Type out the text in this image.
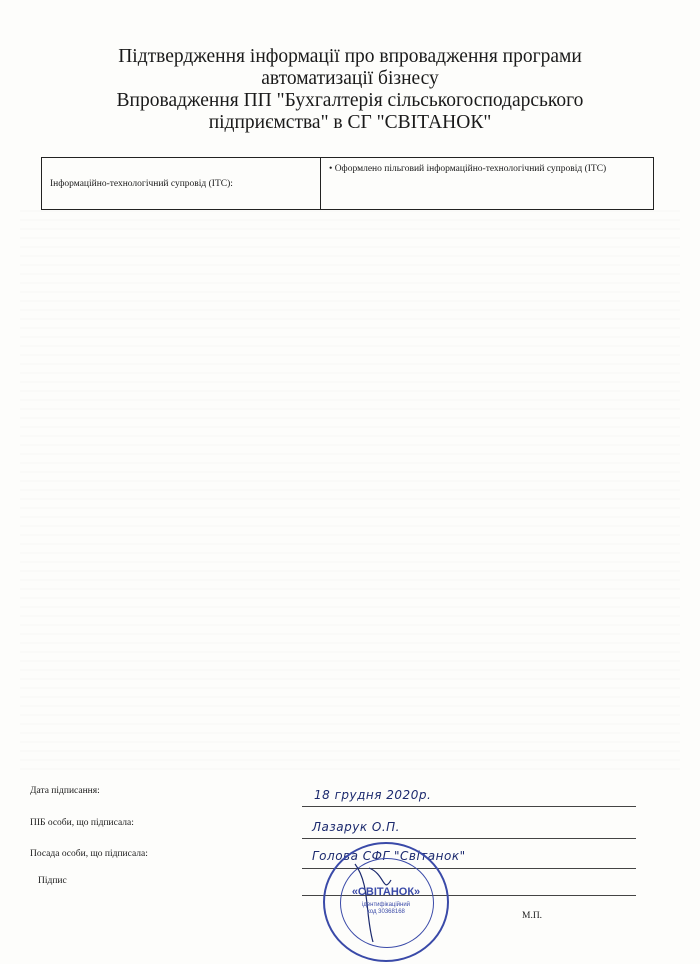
Підтвердження інформації про впровадження програми
автоматизації бізнесу
Впровадження ПП "Бухгалтерія сільськогосподарського
підприємства" в СГ "СВІТАНОК"
Інформаційно-технологічний супровід (ІТС):	• Оформлено пільговий інформаційно-технологічний супровід (ІТС)
Дата підписання:	18 грудня 2020р.
ПІБ особи, що підписала:	Лазарук О.П.
Посада особи, що підписала:	Голова СФГ "Світанок"
Підпис
«СВІТАНОК»
ідентифікаційний
код 30368168	М.П.
